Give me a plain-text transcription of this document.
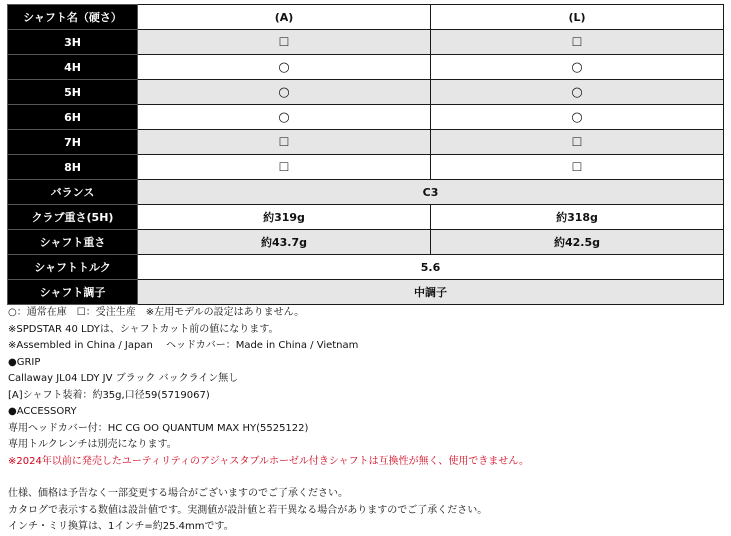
シャフト名（硬さ）	(A)	(L)
3H	☐	☐
4H	○	○
5H	○	○
6H	○	○
7H	☐	☐
8H	☐	☐
バランス	C3	
クラブ重さ(5H)	約319g	約318g
シャフト重さ	約43.7g	約42.5g
シャフトトルク	5.6	
シャフト調子	中調子	

○：通常在庫　☐：受注生産　※左用モデルの設定はありません。

※SPDSTAR 40 LDYは、シャフトカット前の値になります。

※Assembled in China / Japan　 ヘッドカバー：Made in China / Vietnam

●GRIP

Callaway JL04 LDY JV ブラック バックライン無し

[A]シャフト装着：約35g,口径59(5719067)

●ACCESSORY

専用ヘッドカバー付：HC CG OO QUANTUM MAX HY(5525122)

専用トルクレンチは別売になります。

※2024年以前に発売したユーティリティのアジャスタブルホーゼル付きシャフトは互換性が無く、使用できません。

仕様、価格は予告なく一部変更する場合がございますのでご了承ください。

カタログで表示する数値は設計値です。実測値が設計値と若干異なる場合がありますのでご了承ください。

インチ・ミリ換算は、1インチ=約25.4mmです。
